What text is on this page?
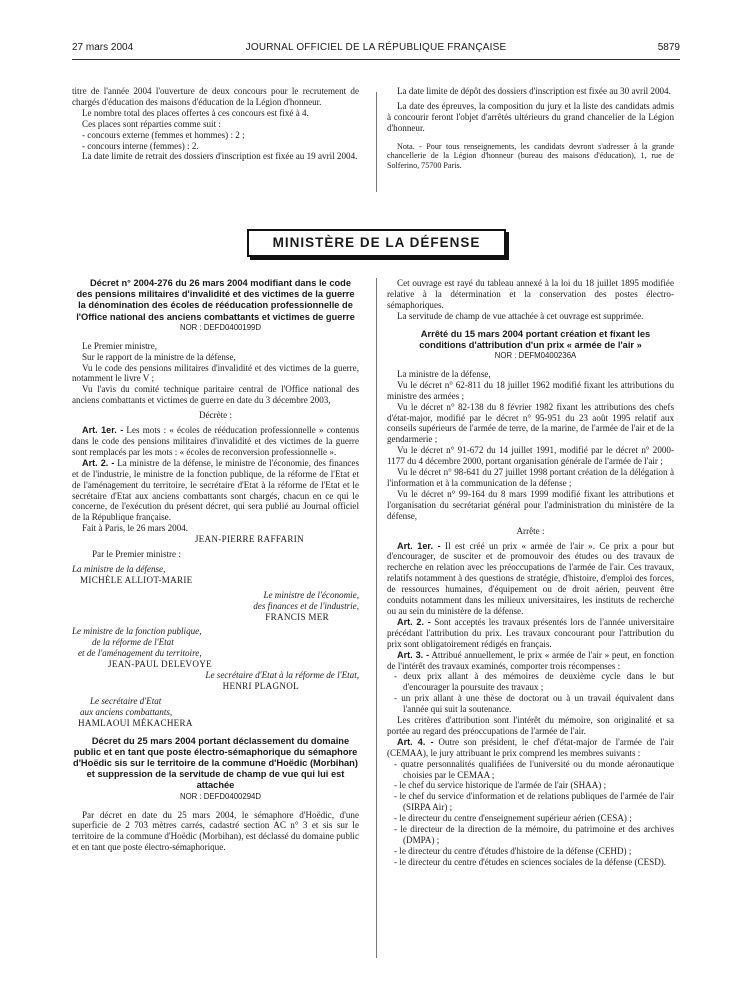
27 mars 2004	JOURNAL OFFICIEL DE LA RÉPUBLIQUE FRANÇAISE	5879

titre de l'année 2004 l'ouverture de deux concours pour le recrutement de chargés d'éducation des maisons d'éducation de la Légion d'honneur.

Le nombre total des places offertes à ces concours est fixé à 4.

Ces places sont réparties comme suit :

- concours externe (femmes et hommes) : 2 ;

- concours interne (femmes) : 2.

La date limite de retrait des dossiers d'inscription est fixée au 19 avril 2004.

La date limite de dépôt des dossiers d'inscription est fixée au 30 avril 2004.

La date des épreuves, la composition du jury et la liste des candidats admis à concourir feront l'objet d'arrêtés ultérieurs du grand chancelier de la Légion d'honneur.

Nota. - Pour tous renseignements, les candidats devront s'adresser à la grande chancellerie de la Légion d'honneur (bureau des maisons d'éducation), 1, rue de Solferino, 75700 Paris.

MINISTÈRE DE LA DÉFENSE

Décret n° 2004-276 du 26 mars 2004 modifiant dans le code des pensions militaires d'invalidité et des victimes de la guerre la dénomination des écoles de rééducation professionnelle de l'Office national des anciens combattants et victimes de guerre

NOR : DEFD0400199D

Le Premier ministre,

Sur le rapport de la ministre de la défense,

Vu le code des pensions militaires d'invalidité et des victimes de la guerre, notamment le livre V ;

Vu l'avis du comité technique paritaire central de l'Office national des anciens combattants et victimes de guerre en date du 3 décembre 2003,

Décrète :

Art. 1er. - Les mots : « écoles de rééducation professionnelle » contenus dans le code des pensions militaires d'invalidité et des victimes de la guerre sont remplacés par les mots : « écoles de reconversion professionnelle ».

Art. 2. - La ministre de la défense, le ministre de l'économie, des finances et de l'industrie, le ministre de la fonction publique, de la réforme de l'Etat et de l'aménagement du territoire, le secrétaire d'Etat à la réforme de l'Etat et le secrétaire d'Etat aux anciens combattants sont chargés, chacun en ce qui le concerne, de l'exécution du présent décret, qui sera publié au Journal officiel de la République française.

Fait à Paris, le 26 mars 2004.

JEAN-PIERRE RAFFARIN

Par le Premier ministre :

La ministre de la défense,

MICHÈLE ALLIOT-MARIE

Le ministre de l'économie,

des finances et de l'industrie,

FRANCIS MER

Le ministre de la fonction publique,

de la réforme de l'Etat

et de l'aménagement du territoire,

JEAN-PAUL DELEVOYE

Le secrétaire d'Etat à la réforme de l'Etat,

HENRI PLAGNOL

Le secrétaire d'Etat

aux anciens combattants,

HAMLAOUI MÉKACHERA

Décret du 25 mars 2004 portant déclassement du domaine public et en tant que poste électro-sémaphorique du sémaphore d'Hoëdic sis sur le territoire de la commune d'Hoëdic (Morbihan) et suppression de la servitude de champ de vue qui lui est attachée

NOR : DEFD0400294D

Par décret en date du 25 mars 2004, le sémaphore d'Hoëdic, d'une superficie de 2 703 mètres carrés, cadastré section AC n° 3 et sis sur le territoire de la commune d'Hoëdic (Morbihan), est déclassé du domaine public et en tant que poste électro-sémaphorique.

Cet ouvrage est rayé du tableau annexé à la loi du 18 juillet 1895 modifiée relative à la détermination et la conservation des postes électro-sémaphoriques.

La servitude de champ de vue attachée à cet ouvrage est supprimée.

Arrêté du 15 mars 2004 portant création et fixant les conditions d'attribution d'un prix « armée de l'air »

NOR : DEFM0400236A

La ministre de la défense,

Vu le décret n° 62-811 du 18 juillet 1962 modifié fixant les attributions du ministre des armées ;

Vu le décret n° 82-138 du 8 février 1982 fixant les attributions des chefs d'état-major, modifié par le décret n° 95-951 du 23 août 1995 relatif aux conseils supérieurs de l'armée de terre, de la marine, de l'armée de l'air et de la gendarmerie ;

Vu le décret n° 91-672 du 14 juillet 1991, modifié par le décret n° 2000-1177 du 4 décembre 2000, portant organisation générale de l'armée de l'air ;

Vu le décret n° 98-641 du 27 juillet 1998 portant création de la délégation à l'information et à la communication de la défense ;

Vu le décret n° 99-164 du 8 mars 1999 modifié fixant les attributions et l'organisation du secrétariat général pour l'administration du ministère de la défense,

Arrête :

Art. 1er. - Il est créé un prix « armée de l'air ». Ce prix a pour but d'encourager, de susciter et de promouvoir des études ou des travaux de recherche en relation avec les préoccupations de l'armée de l'air. Ces travaux, relatifs notamment à des questions de stratégie, d'histoire, d'emploi des forces, de ressources humaines, d'équipement ou de droit aérien, peuvent être conduits notamment dans les milieux universitaires, les instituts de recherche ou au sein du ministère de la défense.

Art. 2. - Sont acceptés les travaux présentés lors de l'année universitaire précédant l'attribution du prix. Les travaux concourant pour l'attribution du prix sont obligatoirement rédigés en français.

Art. 3. - Attribué annuellement, le prix « armée de l'air » peut, en fonction de l'intérêt des travaux examinés, comporter trois récompenses :

- deux prix allant à des mémoires de deuxième cycle dans le but d'encourager la poursuite des travaux ;

- un prix allant à une thèse de doctorat ou à un travail équivalent dans l'année qui suit la soutenance.

Les critères d'attribution sont l'intérêt du mémoire, son originalité et sa portée au regard des préoccupations de l'armée de l'air.

Art. 4. - Outre son président, le chef d'état-major de l'armée de l'air (CEMAA), le jury attribuant le prix comprend les membres suivants :

- quatre personnalités qualifiées de l'université ou du monde aéronautique choisies par le CEMAA ;

- le chef du service historique de l'armée de l'air (SHAA) ;

- le chef du service d'information et de relations publiques de l'armée de l'air (SIRPA Air) ;

- le directeur du centre d'enseignement supérieur aérien (CESA) ;

- le directeur de la direction de la mémoire, du patrimoine et des archives (DMPA) ;

- le directeur du centre d'études d'histoire de la défense (CEHD) ;

- le directeur du centre d'études en sciences sociales de la défense (CESD).
